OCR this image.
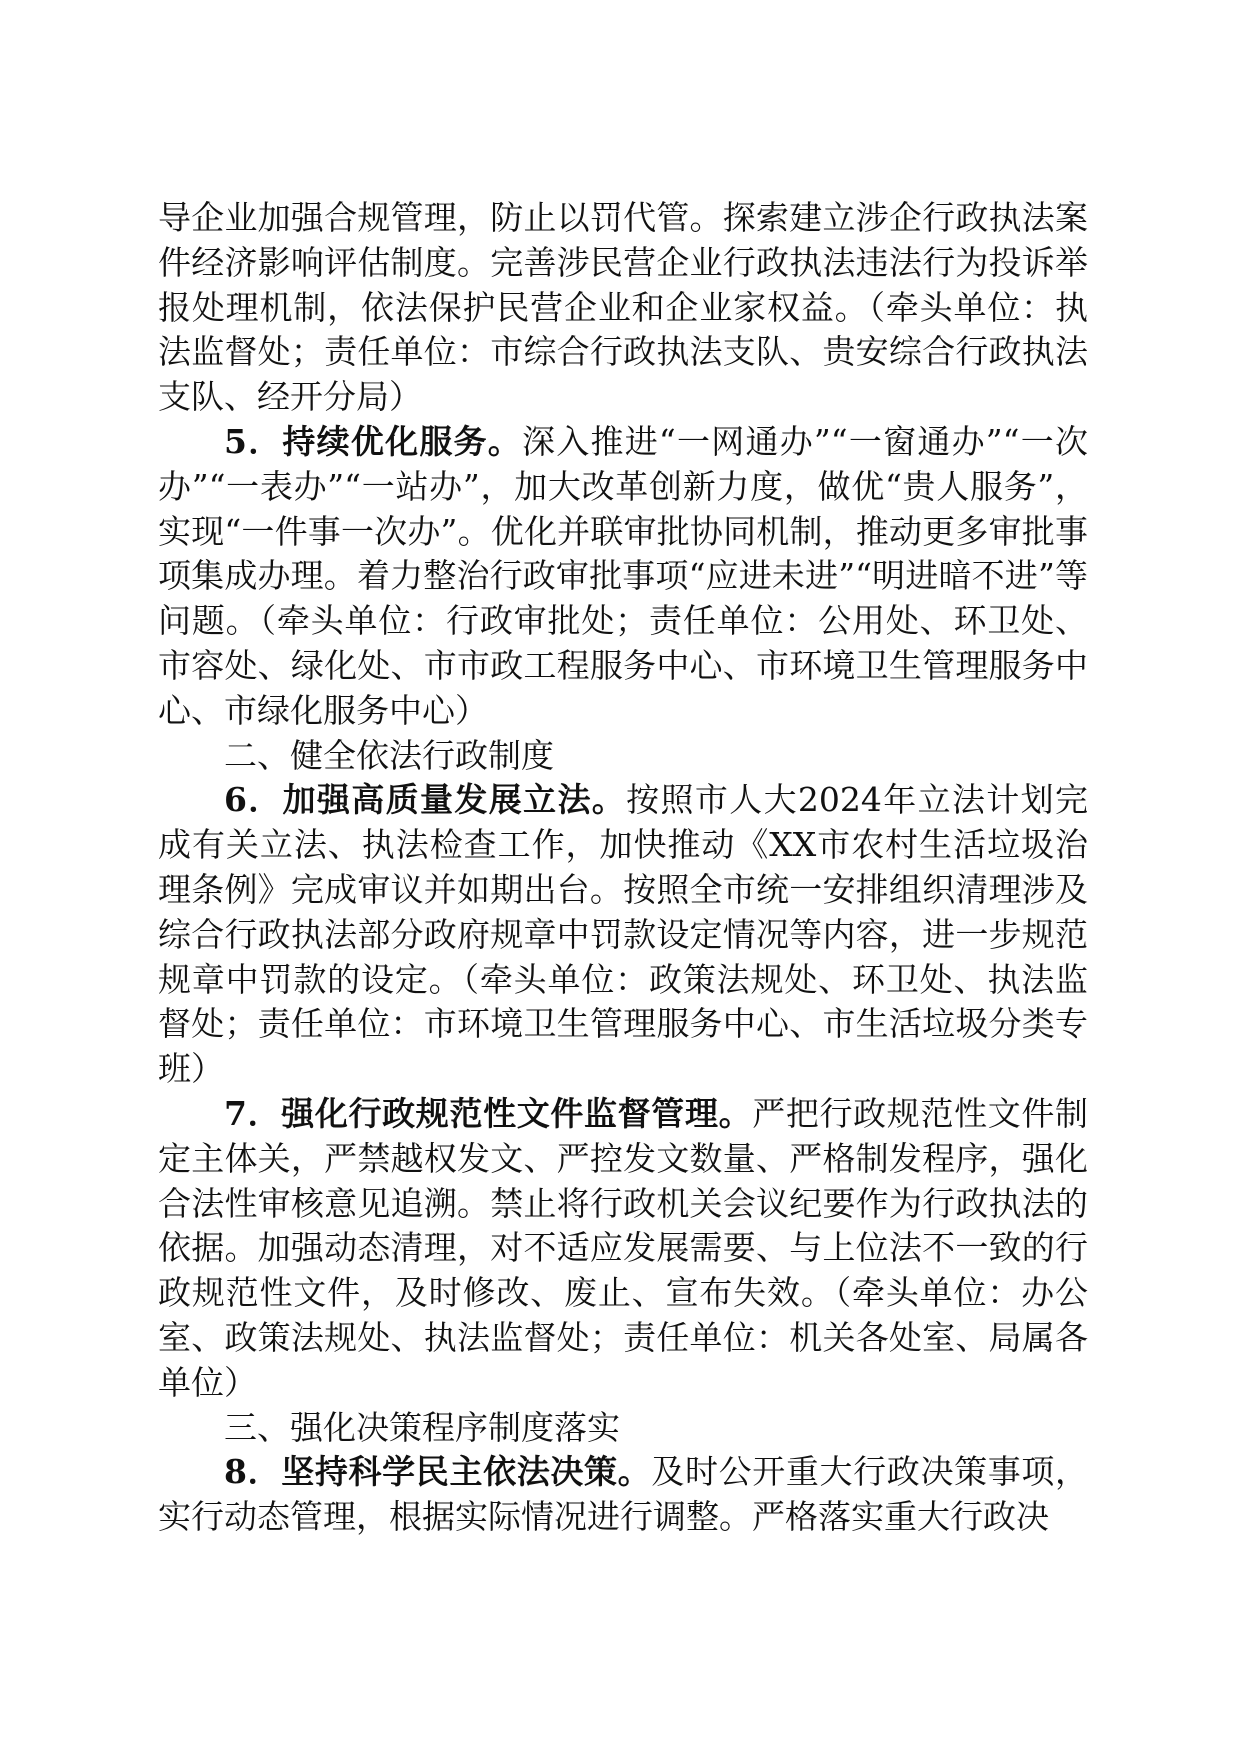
导企业加强合规管理，防止以罚代管。探索建立涉企行政执法案件经济影响评估制度。完善涉民营企业行政执法违法行为投诉举报处理机制，依法保护民营企业和企业家权益。（牵头单位：执法监督处；责任单位：市综合行政执法支队、贵安综合行政执法支队、经开分局）

5．持续优化服务。深入推进“一网通办”“一窗通办”“一次办”“一表办”“一站办”，加大改革创新力度，做优“贵人服务”，实现“一件事一次办”。优化并联审批协同机制，推动更多审批事项集成办理。着力整治行政审批事项“应进未进”“明进暗不进”等问题。（牵头单位：行政审批处；责任单位：公用处、环卫处、市容处、绿化处、市市政工程服务中心、市环境卫生管理服务中心、市绿化服务中心）

二、健全依法行政制度

6．加强高质量发展立法。按照市人大2024年立法计划完成有关立法、执法检查工作，加快推动《XX市农村生活垃圾治理条例》完成审议并如期出台。按照全市统一安排组织清理涉及综合行政执法部分政府规章中罚款设定情况等内容，进一步规范规章中罚款的设定。（牵头单位：政策法规处、环卫处、执法监督处；责任单位：市环境卫生管理服务中心、市生活垃圾分类专班）

7．强化行政规范性文件监督管理。严把行政规范性文件制定主体关，严禁越权发文、严控发文数量、严格制发程序，强化合法性审核意见追溯。禁止将行政机关会议纪要作为行政执法的依据。加强动态清理，对不适应发展需要、与上位法不一致的行政规范性文件，及时修改、废止、宣布失效。（牵头单位：办公室、政策法规处、执法监督处；责任单位：机关各处室、局属各单位）

三、强化决策程序制度落实

8．坚持科学民主依法决策。及时公开重大行政决策事项，实行动态管理，根据实际情况进行调整。严格落实重大行政决
